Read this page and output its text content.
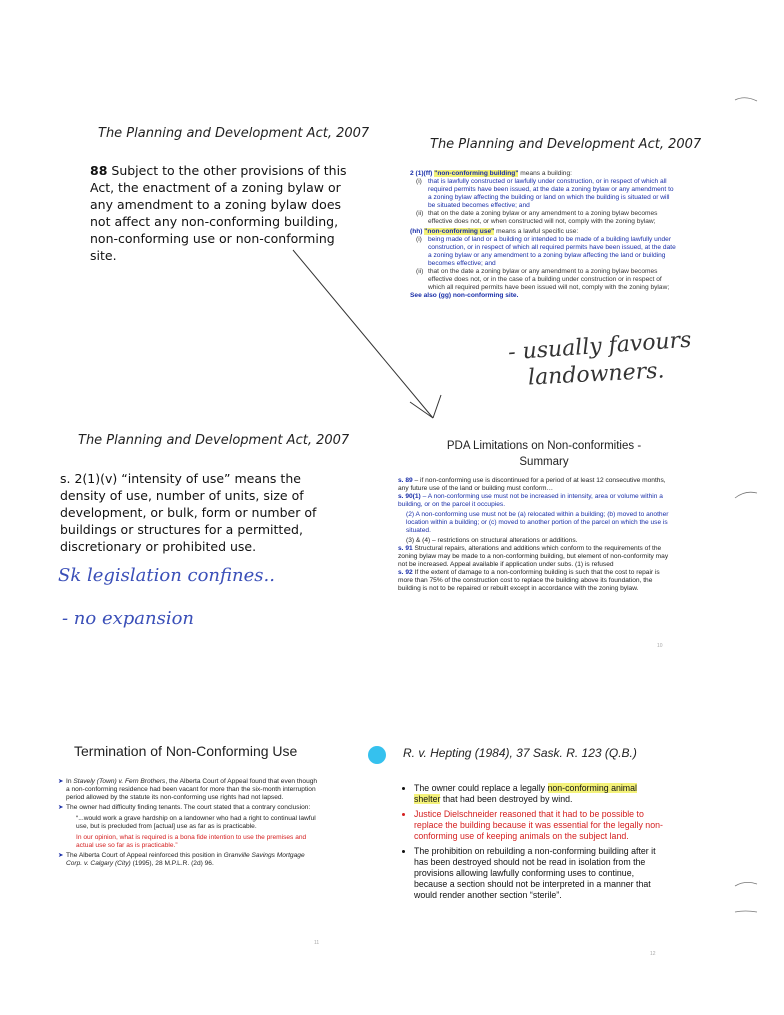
The Planning and Development Act, 2007
88 Subject to the other provisions of this Act, the enactment of a zoning bylaw or any amendment to a zoning bylaw does not affect any non-conforming building, non-conforming use or non-conforming site.
The Planning and Development Act, 2007
2 (1)(ff) "non-conforming building" means a building:
(i) that is lawfully constructed or lawfully under construction, or in respect of which all required permits have been issued, at the date a zoning bylaw or any amendment to a zoning bylaw affecting the building or land on which the building is situated or will be situated becomes effective; and
(ii) that on the date a zoning bylaw or any amendment to a zoning bylaw becomes effective does not, or when constructed will not, comply with the zoning bylaw;
(hh) "non-conforming use" means a lawful specific use:
(i) being made of land or a building or intended to be made of a building lawfully under construction, or in respect of which all required permits have been issued, at the date a zoning bylaw or any amendment to a zoning bylaw affecting the land or building becomes effective; and
(ii) that on the date a zoning bylaw or any amendment to a zoning bylaw becomes effective does not, or in the case of a building under construction or in respect of which all required permits have been issued will not, comply with the zoning bylaw;
See also (gg) non-conforming site.
- usually favours
landowners.
The Planning and Development Act, 2007
s. 2(1)(v) “intensity of use” means the density of use, number of units, size of development, or bulk, form or number of buildings or structures for a permitted, discretionary or prohibited use.
Sk legislation confines..
- no expansion
PDA Limitations on Non-conformities - Summary
s. 89 – if non-conforming use is discontinued for a period of at least 12 consecutive months, any future use of the land or building must conform…
s. 90(1) – A non-conforming use must not be increased in intensity, area or volume within a building, or on the parcel it occupies.
(2) A non-conforming use must not be (a) relocated within a building; (b) moved to another location within a building; or (c) moved to another portion of the parcel on which the use is situated.
(3) & (4) – restrictions on structural alterations or additions.
s. 91 Structural repairs, alterations and additions which conform to the requirements of the zoning bylaw may be made to a non-conforming building, but element of non-conformity may not be increased. Appeal available if application under subs. (1) is refused
s. 92 If the extent of damage to a non-conforming building is such that the cost to repair is more than 75% of the construction cost to replace the building above its foundation, the building is not to be repaired or rebuilt except in accordance with the zoning bylaw.
10
Termination of Non-Conforming Use
➤ In Stavely (Town) v. Fern Brothers, the Alberta Court of Appeal found that even though a non-conforming residence had been vacant for more than the six-month interruption period allowed by the statute its non-conforming use rights had not lapsed.
➤ The owner had difficulty finding tenants. The court stated that a contrary conclusion:
“...would work a grave hardship on a landowner who had a right to continual lawful use, but is precluded from [actual] use as far as is practicable.
In our opinion, what is required is a bona fide intention to use the premises and actual use so far as is practicable.”
➤ The Alberta Court of Appeal reinforced this position in Granville Savings Mortgage Corp. v. Calgary (City) (1995), 28 M.P.L.R. (2d) 96.
11
R. v. Hepting (1984), 37 Sask. R. 123 (Q.B.)
• The owner could replace a legally non-conforming animal shelter that had been destroyed by wind.
• Justice Dielschneider reasoned that it had to be possible to replace the building because it was essential for the legally non-conforming use of keeping animals on the subject land.
• The prohibition on rebuilding a non-conforming building after it has been destroyed should not be read in isolation from the provisions allowing lawfully conforming uses to continue, because a section should not be interpreted in a manner that would render another section “sterile”.
12
